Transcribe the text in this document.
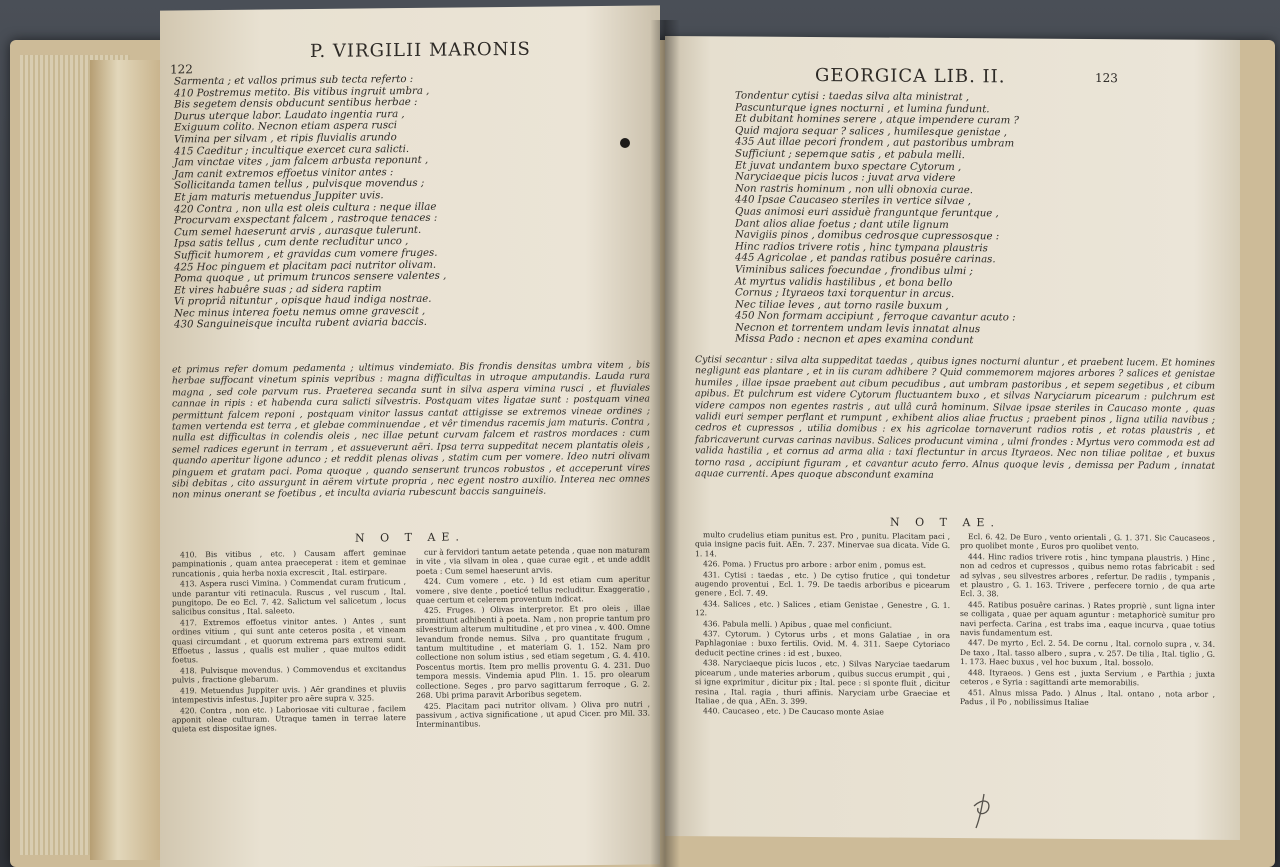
122
P. VIRGILII MARONIS
Sarmenta ; et vallos primus sub tecta referto :
410 Postremus metito. Bis vitibus ingruit umbra ,
Bis segetem densis obducunt sentibus herbae :
Durus uterque labor. Laudato ingentia rura ,
Exiguum colito. Necnon etiam aspera rusci
Vimina per silvam , et ripis fluvialis arundo
415 Caeditur ; incultique exercet cura salicti.
Jam vinctae vites , jam falcem arbusta reponunt ,
Jam canit extremos effoetus vinitor antes :
Sollicitanda tamen tellus , pulvisque movendus ;
Et jam maturis metuendus Juppiter uvis.
420 Contra , non ulla est oleis cultura : neque illae
Procurvam exspectant falcem , rastroque tenaces :
Cum semel haeserunt arvis , aurasque tulerunt.
Ipsa satis tellus , cum dente recluditur unco ,
Sufficit humorem , et gravidas cum vomere fruges.
425 Hoc pinguem et placitam paci nutritor olivam.
Poma quoque , ut primum truncos sensere valentes ,
Et vires habuêre suas ; ad sidera raptim
Vi propriâ nituntur , opisque haud indiga nostrae.
Nec minus interea foetu nemus omne gravescit ,
430 Sanguineisque inculta rubent aviaria baccis.

et primus refer domum pedamenta ; ultimus vindemiato. Bis frondis densitas umbra vitem , bis herbae suffocant vinetum spinis vepribus : magna difficultas in utroque amputandis. Lauda rura magna , sed cole parvum rus. Praeterea secanda sunt in silva aspera vimina rusci , et fluviales cannae in ripis : et habenda cura salicti silvestris. Postquam vites ligatae sunt : postquam vinea permittunt falcem reponi , postquam vinitor lassus cantat attigisse se extremos vineae ordines ; tamen vertenda est terra , et glebae comminuendae , et vêr timendus racemis jam maturis. Contra , nulla est difficultas in colendis oleis , nec illae petunt curvam falcem et rastros mordaces : cum semel radices egerunt in terram , et assueverunt aëri. Ipsa terra suppeditat necem plantatis oleis , quando aperitur ligone adunco ; et reddit plenas olivas , statim cum per vomere. Ideo nutri olivam pinguem et gratam paci. Poma quoque , quando senserunt truncos robustos , et acceperunt vires sibi debitas , cito assurgunt in aërem virtute propria , nec egent nostro auxilio. Interea nec omnes non minus onerant se foetibus , et inculta aviaria rubescunt baccis sanguineis.

N O T AE.

410. Bis vitibus , etc. ) Causam affert geminae pampinationis , quam antea praeceperat : item et geminae runcationis , quia herba noxia excrescit , Ital. estirpare.

413. Aspera rusci Vimina. ) Commendat curam fruticum , unde parantur viti retinacula. Ruscus , vel ruscum , Ital. pungitopo. De eo Ecl. 7. 42. Salictum vel salicetum , locus salicibus consitus , Ital. saleeto.

417. Extremos effoetus vinitor antes. ) Antes , sunt ordines vitium , qui sunt ante ceteros posita , et vineam quasi circumdant , et quorum extrema pars extremi sunt. Effoetus , lassus , qualis est mulier , quae multos edidit foetus.

418. Pulvisque movendus. ) Commovendus et excitandus pulvis , fractione glebarum.

419. Metuendus Juppiter uvis. ) Aër grandines et pluviis intempestivis infestus. Jupiter pro aëre supra v. 325.

420. Contra , non etc. ) Laboriosae viti culturae , facilem apponit oleae culturam. Utraque tamen in terrae latere quieta est dispositae ignes.

cur à fervidori tantum aetate petenda , quae non maturam in vite , via silvam in olea , quae curae egit , et unde addit poeta : Cum semel haeserunt arvis.

424. Cum vomere , etc. ) Id est etiam cum aperitur vomere , sive dente , poeticé tellus recluditur. Exaggeratio , quae certum et celerem proventum indicat.

425. Fruges. ) Olivas interpretor. Et pro oleis , illae promittunt adhibenti à poeta. Nam , non proprie tantum pro silvestrium alterum multitudine , et pro vinea , v. 400. Omne levandum fronde nemus. Silva , pro quantitate frugum , tantum multitudine , et materiam G. 1. 152. Nam pro collectione non solum istius , sed etiam segetum , G. 4. 410. Poscentus mortis. Item pro mellis proventu G. 4. 231. Duo tempora messis. Vindemia apud Plin. 1. 15. pro olearum collectione. Seges , pro parvo sagittarum ferroque , G. 2. 268. Ubi prima paravit Arboribus segetem.

425. Placitam paci nutritor olivam. ) Oliva pro nutri , passivum , activa significatione , ut apud Cicer. pro Mil. 33. Interminantibus.

GEORGICA LIB. II.	123
Tondentur cytisi : taedas silva alta ministrat ,
Pascunturque ignes nocturni , et lumina fundunt.
Et dubitant homines serere , atque impendere curam ?
Quid majora sequar ? salices , humilesque genistae ,
435 Aut illae pecori frondem , aut pastoribus umbram
Sufficiunt ; sepemque satis , et pabula melli.
Et juvat undantem buxo spectare Cytorum ,
Naryciaeque picis lucos : juvat arva videre
Non rastris hominum , non ulli obnoxia curae.
440 Ipsae Caucaseo steriles in vertice silvae ,
Quas animosi euri assiduè franguntque feruntque ,
Dant alios aliae foetus ; dant utile lignum
Navigiis pinos , domibus cedrosque cupressosque :
Hinc radios trivere rotis , hinc tympana plaustris
445 Agricolae , et pandas ratibus posuêre carinas.
Viminibus salices foecundae , frondibus ulmi ;
At myrtus validis hastilibus , et bona bello
Cornus ; Ityraeos taxi torquentur in arcus.
Nec tiliae leves , aut torno rasile buxum ,
450 Non formam accipiunt , ferroque cavantur acuto :
Necnon et torrentem undam levis innatat alnus
Missa Pado : necnon et apes examina condunt

Cytisi secantur : silva alta suppeditat taedas , quibus ignes nocturni aluntur , et praebent lucem. Et homines negligunt eas plantare , et in iis curam adhibere ? Quid commemorem majores arbores ? salices et genistae humiles , illae ipsae praebent aut cibum pecudibus , aut umbram pastoribus , et sepem segetibus , et cibum apibus. Et pulchrum est videre Cytorum fluctuantem buxo , et silvas Naryciarum picearum : pulchrum est videre campos non egentes rastris , aut ullâ curâ hominum. Silvae ipsae steriles in Caucaso monte , quas validi euri semper perflant et rumpunt , exhibent alios aliae fructus ; praebent pinos , ligna utilia navibus ; cedros et cupressos , utilia domibus : ex his agricolae tornaverunt radios rotis , et rotas plaustris , et fabricaverunt curvas carinas navibus. Salices producunt vimina , ulmi frondes : Myrtus vero commoda est ad valida hastilia , et cornus ad arma alia : taxi flectuntur in arcus Ityraeos. Nec non tiliae politae , et buxus torno rasa , accipiunt figuram , et cavantur acuto ferro. Alnus quoque levis , demissa per Padum , innatat aquae currenti. Apes quoque abscondunt examina

N O T AE.

multo crudelius etiam punitus est. Pro , punitu. Placitam paci , quia insigne pacis fuit. AEn. 7. 237. Minervae sua dicata. Vide G. 1. 14.

426. Poma. ) Fructus pro arbore : arbor enim , pomus est.

431. Cytisi : taedas , etc. ) De cytiso frutice , qui tondetur augendo proventui , Ecl. 1. 79. De taedis arboribus e picearum genere , Ecl. 7. 49.

434. Salices , etc. ) Salices , etiam Genistae , Genestre , G. 1. 12.

436. Pabula melli. ) Apibus , quae mel conficiunt.

437. Cytorum. ) Cytorus urbs , et mons Galatiae , in ora Paphlagoniae : buxo fertilis. Ovid. M. 4. 311. Saepe Cytoriaco deducit pectine crines : id est , buxeo.

438. Naryciaeque picis lucos , etc. ) Silvas Naryciae taedarum picearum , unde materies arborum , quibus succus erumpit , qui , si igne exprimitur , dicitur pix ; Ital. pece : si sponte fluit , dicitur resina , Ital. ragia , thuri affinis. Naryciam urbe Graeciae et Italiae , de qua , AEn. 3. 399.

440. Caucaseo , etc. ) De Caucaso monte Asiae

Ecl. 6. 42. De Euro , vento orientali , G. 1. 371. Sic Caucaseos , pro quolibet monte , Euros pro quolibet vento.

444. Hinc radios trivere rotis , hinc tympana plaustris. ) Hinc , non ad cedros et cupressos , quibus nemo rotas fabricabit : sed ad sylvas , seu silvestres arbores , refertur. De radiis , tympanis , et plaustro , G. 1. 163. Trivere , perfecere tornio , de qua arte Ecl. 3. 38.

445. Ratibus posuêre carinas. ) Rates propriè , sunt ligna inter se colligata , quae per aquam aguntur : metaphoricè sumitur pro navi perfecta. Carina , est trabs ima , eaque incurva , quae totius navis fundamentum est.

447. De myrto , Ecl. 2. 54. De cornu , Ital. cornolo supra , v. 34. De taxo , Ital. tasso albero , supra , v. 257. De tilia , Ital. tiglio , G. 1. 173. Haec buxus , vel hoc buxum , Ital. bossolo.

448. Ityraeos. ) Gens est , juxta Servium , e Parthia ; juxta ceteros , e Syria : sagittandi arte memorabilis.

451. Alnus missa Pado. ) Alnus , Ital. ontano , nota arbor , Padus , il Po , nobilissimus Italiae
